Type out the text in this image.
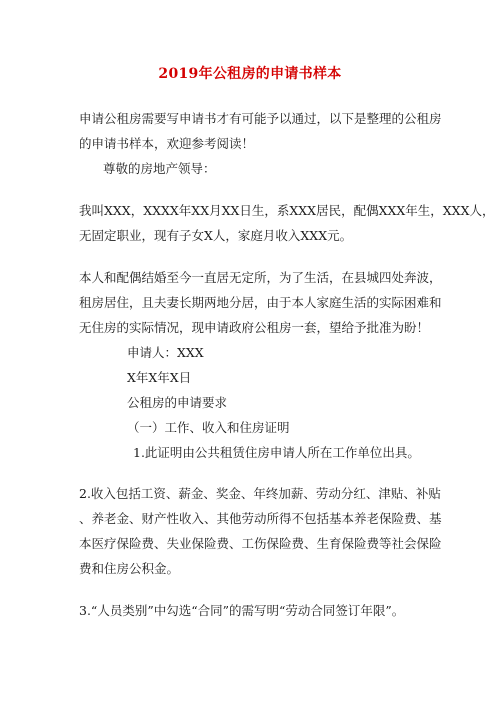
2019年公租房的申请书样本
申请公租房需要写申请书才有可能予以通过，以下是整理的公租房
的申请书样本，欢迎参考阅读！
尊敬的房地产领导：
我叫XXX，XXXX年XX月XX日生，系XXX居民，配偶XXX年生，XXX人，
无固定职业，现有子女X人，家庭月收入XXX元。
本人和配偶结婚至今一直居无定所，为了生活，在县城四处奔波，
租房居住，且夫妻长期两地分居，由于本人家庭生活的实际困难和
无住房的实际情况，现申请政府公租房一套，望给予批准为盼！
申请人：XXX
X年X年X日
公租房的申请要求
（一）工作、收入和住房证明
1.此证明由公共租赁住房申请人所在工作单位出具。
2.收入包括工资、薪金、奖金、年终加薪、劳动分红、津贴、补贴
、养老金、财产性收入、其他劳动所得不包括基本养老保险费、基
本医疗保险费、失业保险费、工伤保险费、生育保险费等社会保险
费和住房公积金。
3.“人员类别”中勾选“合同”的需写明“劳动合同签订年限”。
